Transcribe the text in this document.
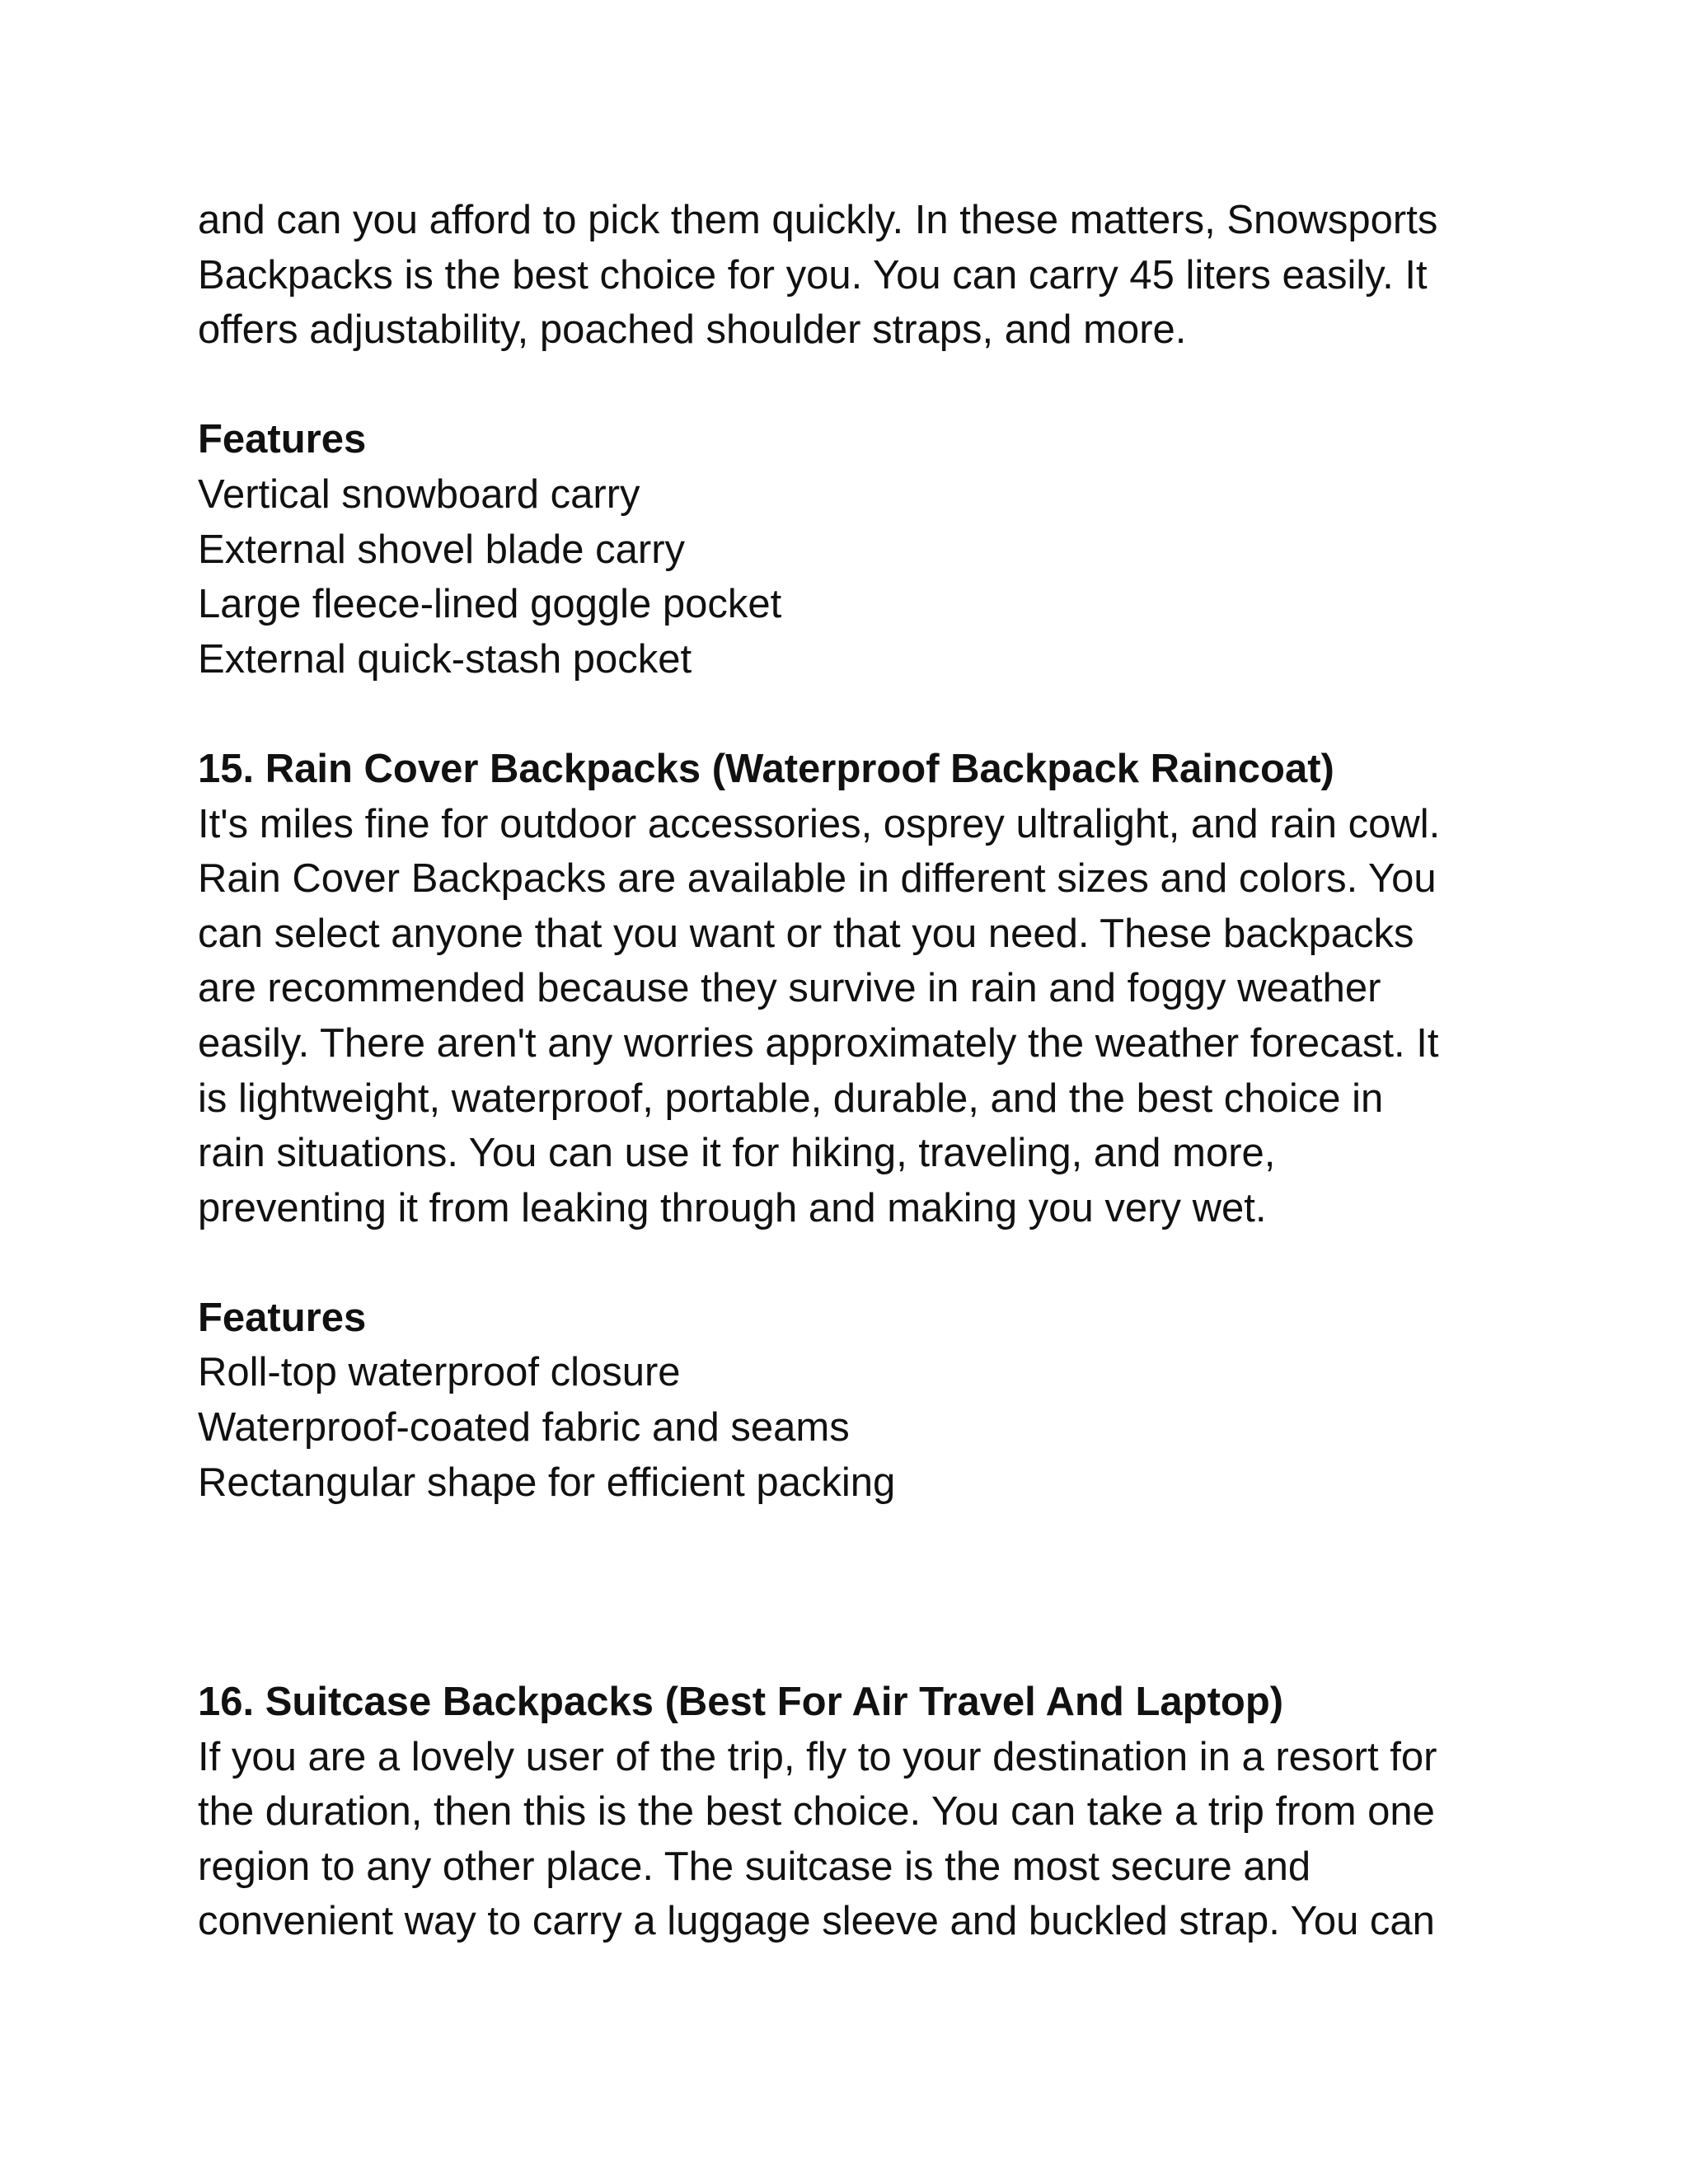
and can you afford to pick them quickly. In these matters, Snowsports

Backpacks is the best choice for you. You can carry 45 liters easily. It

offers adjustability, poached shoulder straps, and more.

Features

Vertical snowboard carry

External shovel blade carry

Large fleece-lined goggle pocket

External quick-stash pocket

15. Rain Cover Backpacks (Waterproof Backpack Raincoat)

It's miles fine for outdoor accessories, osprey ultralight, and rain cowl.

Rain Cover Backpacks are available in different sizes and colors. You

can select anyone that you want or that you need. These backpacks

are recommended because they survive in rain and foggy weather

easily. There aren't any worries approximately the weather forecast. It

is lightweight, waterproof, portable, durable, and the best choice in

rain situations. You can use it for hiking, traveling, and more,

preventing it from leaking through and making you very wet.

Features

Roll-top waterproof closure

Waterproof-coated fabric and seams

Rectangular shape for efficient packing

16. Suitcase Backpacks (Best For Air Travel And Laptop)

If you are a lovely user of the trip, fly to your destination in a resort for

the duration, then this is the best choice. You can take a trip from one

region to any other place. The suitcase is the most secure and

convenient way to carry a luggage sleeve and buckled strap. You can
